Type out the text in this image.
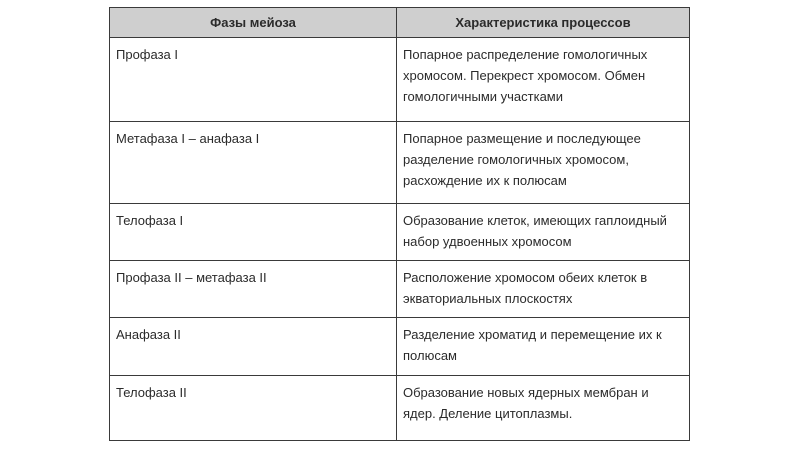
Фазы мейоза	Характеристика процессов
Профаза I	Попарное распределение гомологичных хромосом. Перекрест хромосом. Обмен гомологичными участками
Метафаза I – анафаза I	Попарное размещение и последующее разделение гомологичных хромосом, расхождение их к полюсам
Телофаза I	Образование клеток, имеющих гаплоидный набор удвоенных хромосом
Профаза II – метафаза II	Расположение хромосом обеих клеток в экваториальных плоскостях
Анафаза II	Разделение хроматид и перемещение их к полюсам
Телофаза II	Образование новых ядерных мембран и ядер. Деление цитоплазмы.
